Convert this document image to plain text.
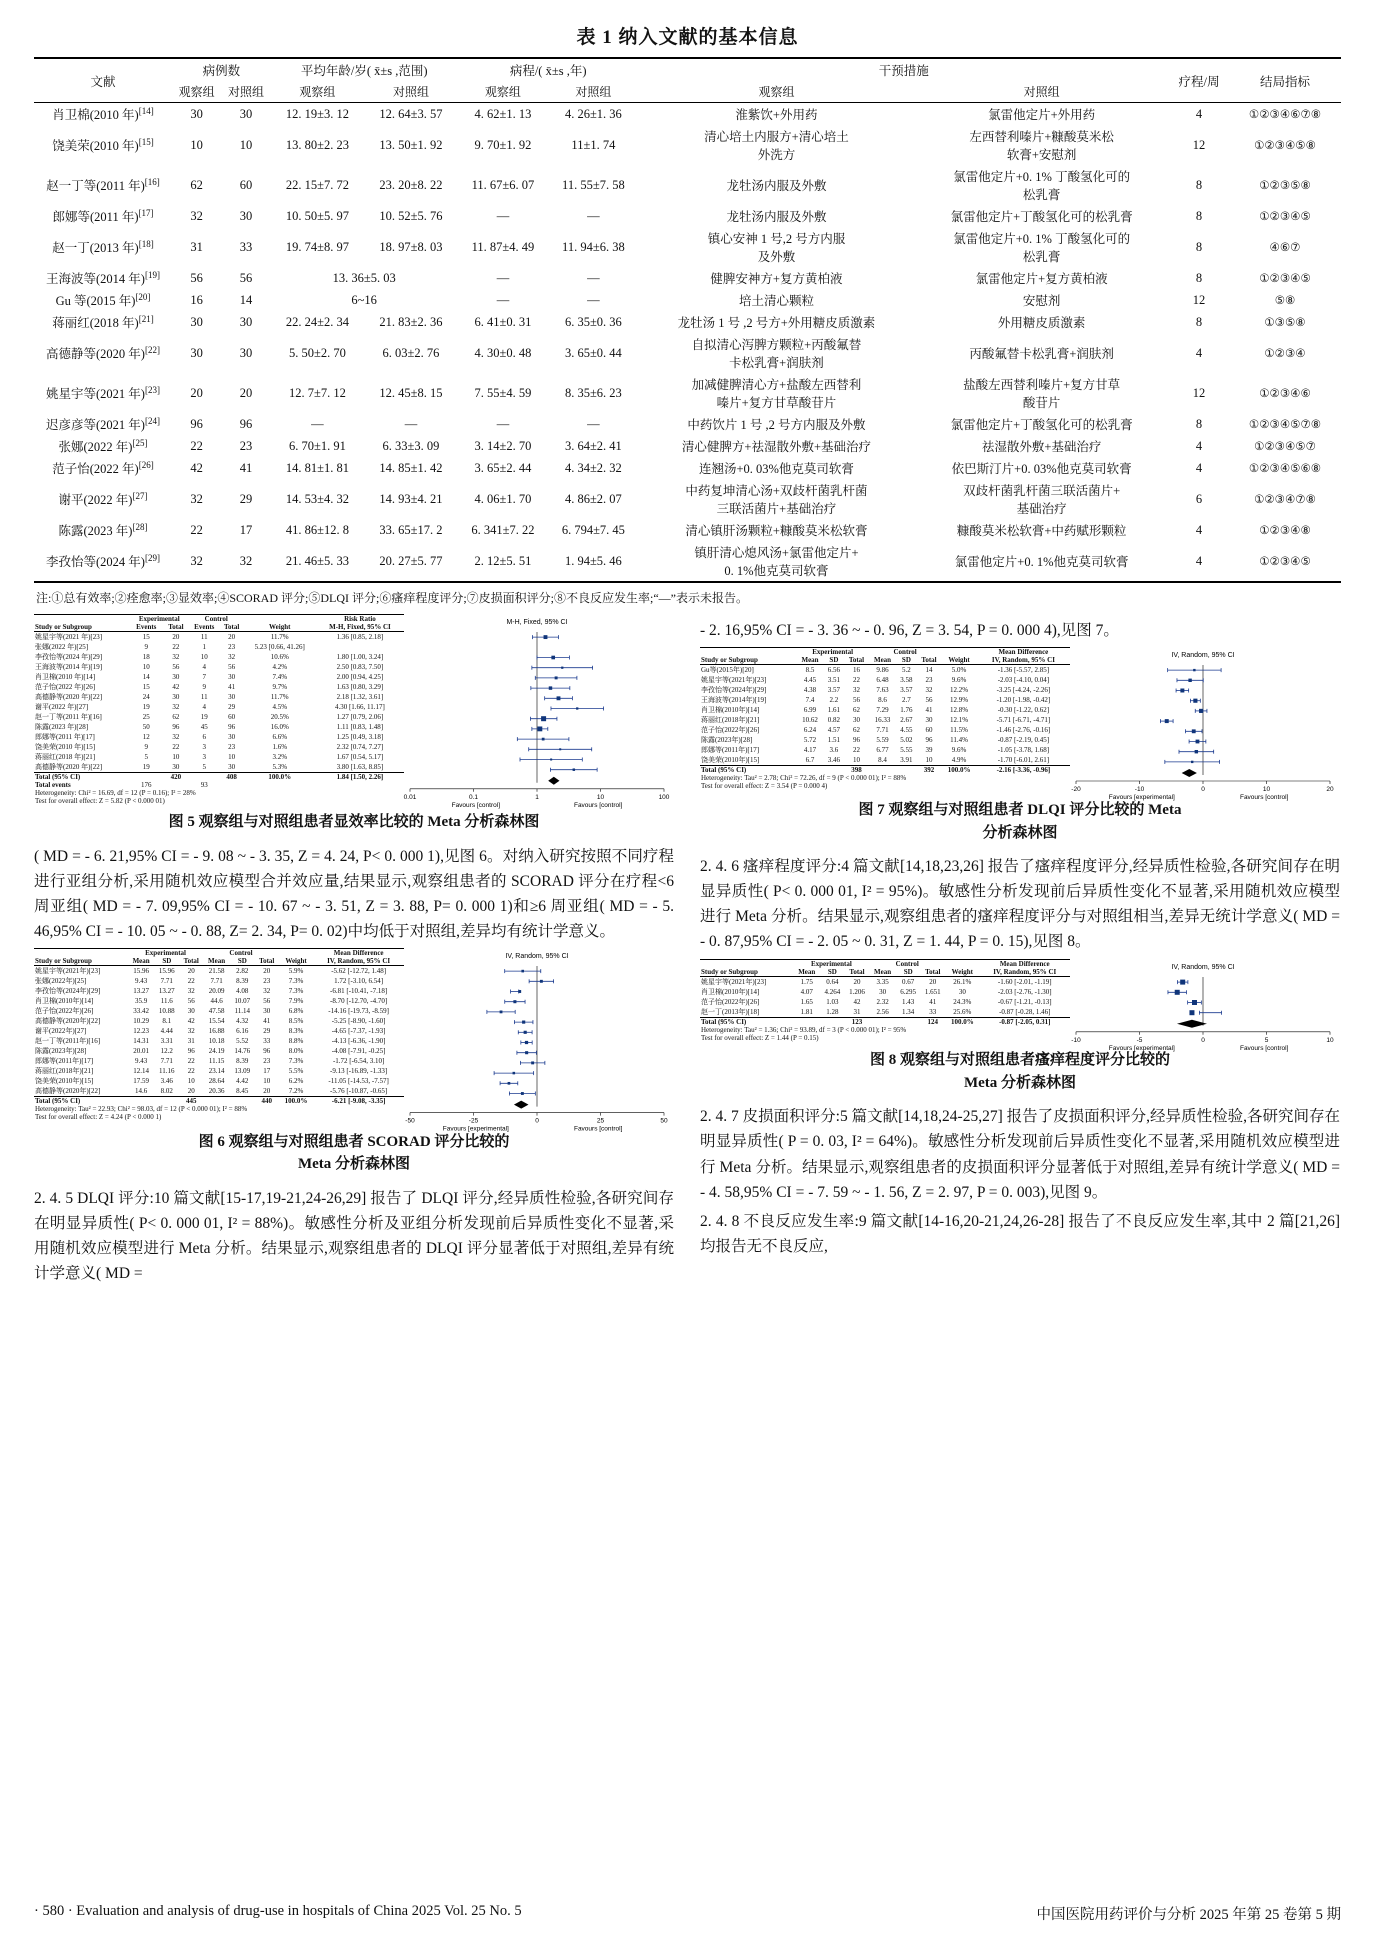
表 1 纳入文献的基本信息
文献	病例数		平均年龄/岁( x̄±s ,范围)		病程/( x̄±s ,年)		干预措施		疗程/周	结局指标
	观察组	对照组	观察组	对照组	观察组	对照组	观察组	对照组		
肖卫棉(2010 年)[14]	30	30	12. 19±3. 12	12. 64±3. 57	4. 62±1. 13	4. 26±1. 36	淮紫饮+外用药	氯雷他定片+外用药	4	①②③④⑥⑦⑧
饶美荣(2010 年)[15]	10	10	13. 80±2. 23	13. 50±1. 92	9. 70±1. 92	11±1. 74	清心培土内服方+清心培土
外洗方	左西替利嗪片+糠酸莫米松
软膏+安慰剂	12	①②③④⑤⑧
赵一丁等(2011 年)[16]	62	60	22. 15±7. 72	23. 20±8. 22	11. 67±6. 07	11. 55±7. 58	龙牡汤内服及外敷	氯雷他定片+0. 1% 丁酸氢化可的
松乳膏	8	①②③⑤⑧
郎娜等(2011 年)[17]	32	30	10. 50±5. 97	10. 52±5. 76	—	—	龙牡汤内服及外敷	氯雷他定片+丁酸氢化可的松乳膏	8	①②③④⑤
赵一丁(2013 年)[18]	31	33	19. 74±8. 97	18. 97±8. 03	11. 87±4. 49	11. 94±6. 38	镇心安神 1 号,2 号方内服
及外敷	氯雷他定片+0. 1% 丁酸氢化可的
松乳膏	8	④⑥⑦
王海波等(2014 年)[19]	56	56	13. 36±5. 03		—	—	健脾安神方+复方黄柏液	氯雷他定片+复方黄柏液	8	①②③④⑤
Gu 等(2015 年)[20]	16	14	6~16		—	—	培土清心颗粒	安慰剂	12	⑤⑧
蒋丽红(2018 年)[21]	30	30	22. 24±2. 34	21. 83±2. 36	6. 41±0. 31	6. 35±0. 36	龙牡汤 1 号 ,2 号方+外用糖皮质激素	外用糖皮质激素	8	①③⑤⑧
高德静等(2020 年)[22]	30	30	5. 50±2. 70	6. 03±2. 76	4. 30±0. 48	3. 65±0. 44	自拟清心泻脾方颗粒+丙酸氟替
卡松乳膏+润肤剂	丙酸氟替卡松乳膏+润肤剂	4	①②③④
姚星宇等(2021 年)[23]	20	20	12. 7±7. 12	12. 45±8. 15	7. 55±4. 59	8. 35±6. 23	加减健脾清心方+盐酸左西替利
嗪片+复方甘草酸苷片	盐酸左西替利嗪片+复方甘草
酸苷片	12	①②③④⑥
迟彦彦等(2021 年)[24]	96	96	—	—	—	—	中药饮片 1 号 ,2 号方内服及外敷	氯雷他定片+丁酸氢化可的松乳膏	8	①②③④⑤⑦⑧
张娜(2022 年)[25]	22	23	6. 70±1. 91	6. 33±3. 09	3. 14±2. 70	3. 64±2. 41	清心健脾方+祛湿散外敷+基础治疗	祛湿散外敷+基础治疗	4	①②③④⑤⑦
范子怡(2022 年)[26]	42	41	14. 81±1. 81	14. 85±1. 42	3. 65±2. 44	4. 34±2. 32	连翘汤+0. 03%他克莫司软膏	依巴斯汀片+0. 03%他克莫司软膏	4	①②③④⑤⑥⑧
谢平(2022 年)[27]	32	29	14. 53±4. 32	14. 93±4. 21	4. 06±1. 70	4. 86±2. 07	中药复坤清心汤+双歧杆菌乳杆菌
三联活菌片+基础治疗	双歧杆菌乳杆菌三联活菌片+
基础治疗	6	①②③④⑦⑧
陈露(2023 年)[28]	22	17	41. 86±12. 8	33. 65±17. 2	6. 341±7. 22	6. 794±7. 45	清心镇肝汤颗粒+糠酸莫米松软膏	糠酸莫米松软膏+中药赋形颗粒	4	①②③④⑧
李孜怡等(2024 年)[29]	32	32	21. 46±5. 33	20. 27±5. 77	2. 12±5. 51	1. 94±5. 46	镇肝清心熄风汤+氯雷他定片+
0. 1%他克莫司软膏	氯雷他定片+0. 1%他克莫司软膏	4	①②③④⑤
注:①总有效率;②痊愈率;③显效率;④SCORAD 评分;⑤DLQI 评分;⑥瘙痒程度评分;⑦皮损面积评分;⑧不良反应发生率;“—”表示未报告。
	Experimental		Control			Risk Ratio
Study or Subgroup	Events	Total	Events	Total	Weight	M-H, Fixed, 95% CI
姚星宇等(2021 年)[23]	15	20	11	20	11.7%	1.36 [0.85, 2.18]
张娜(2022 年)[25]	9	22	1	23	5.23 [0.66, 41.26]	
李孜怡等(2024 年)[29]	18	32	10	32	10.6%	1.80 [1.00, 3.24]
王海波等(2014 年)[19]	10	56	4	56	4.2%	2.50 [0.83, 7.50]
肖卫棉(2010 年)[14]	14	30	7	30	7.4%	2.00 [0.94, 4.25]
范子怡(2022 年)[26]	15	42	9	41	9.7%	1.63 [0.80, 3.29]
高德静等(2020 年)[22]	24	30	11	30	11.7%	2.18 [1.32, 3.61]
谢平(2022 年)[27]	19	32	4	29	4.5%	4.30 [1.66, 11.17]
赵一丁等(2011 年)[16]	25	62	19	60	20.5%	1.27 [0.79, 2.06]
陈露(2023 年)[28]	50	96	45	96	16.0%	1.11 [0.83, 1.48]
郎娜等(2011 年)[17]	12	32	6	30	6.6%	1.25 [0.49, 3.18]
饶美荣(2010 年)[15]	9	22	3	23	1.6%	2.32 [0.74, 7.27]
蒋丽红(2018 年)[21]	5	10	3	10	3.2%	1.67 [0.54, 5.17]
高德静等(2020 年)[22]	19	30	5	30	5.3%	3.80 [1.63, 8.85]
Total (95% CI)		420		408	100.0%	1.84 [1.50, 2.26]
Total events	176		93			
Heterogeneity: Chi² = 16.69, df = 12 (P = 0.16); I² = 28%						
Test for overall effect: Z = 5.82 (P < 0.000 01)						
M-H, Fixed, 95% CI
0.01	0.1	1	10	100
Favours [control]	Favours [control]
图 5 观察组与对照组患者显效率比较的 Meta 分析森林图

( MD = - 6. 21,95% CI = - 9. 08 ~ - 3. 35, Z = 4. 24, P< 0. 000 1),见图 6。对纳入研究按照不同疗程进行亚组分析,采用随机效应模型合并效应量,结果显示,观察组患者的 SCORAD 评分在疗程<6 周亚组( MD = - 7. 09,95% CI = - 10. 67 ~ - 3. 51, Z = 3. 88, P= 0. 000 1)和≥6 周亚组( MD = - 5. 46,95% CI = - 10. 05 ~ - 0. 88, Z= 2. 34, P= 0. 02)中均低于对照组,差异均有统计学意义。

	Experimental			Control				Mean Difference
Study or Subgroup	Mean	SD	Total	Mean	SD	Total	Weight	IV, Random, 95% CI
姚星宇等(2021年)[23]	15.96	15.96	20	21.58	2.82	20	5.9%	-5.62 [-12.72, 1.48]
张娜(2022年)[25]	9.43	7.71	22	7.71	8.39	23	7.3%	1.72 [-3.10, 6.54]
李孜怡等(2024年)[29]	13.27	13.27	32	20.09	4.08	32	7.3%	-6.81 [-10.41, -7.18]
肖卫棉(2010年)[14]	35.9	11.6	56	44.6	10.07	56	7.9%	-8.70 [-12.70, -4.70]
范子怡(2022年)[26]	33.42	10.88	30	47.58	11.14	30	6.8%	-14.16 [-19.73, -8.59]
高德静等(2020年)[22]	10.29	8.1	42	15.54	4.32	41	8.5%	-5.25 [-8.90, -1.60]
谢平(2022年)[27]	12.23	4.44	32	16.88	6.16	29	8.3%	-4.65 [-7.37, -1.93]
赵一丁等(2011年)[16]	14.31	3.31	31	10.18	5.52	33	8.8%	-4.13 [-6.36, -1.90]
陈露(2023年)[28]	20.01	12.2	96	24.19	14.76	96	8.0%	-4.08 [-7.91, -0.25]
郎娜等(2011年)[17]	9.43	7.71	22	11.15	8.39	23	7.3%	-1.72 [-6.54, 3.10]
蒋丽红(2018年)[21]	12.14	11.16	22	23.14	13.09	17	5.5%	-9.13 [-16.89, -1.33]
饶美荣(2010年)[15]	17.59	3.46	10	28.64	4.42	10	6.2%	-11.05 [-14.53, -7.57]
高德静等(2020年)[22]	14.6	8.02	20	20.36	8.45	20	7.2%	-5.76 [-10.87, -0.65]
Total (95% CI)			445			440	100.0%	-6.21 [-9.08, -3.35]
Heterogeneity: Tau² = 22.93; Chi² = 98.03, df = 12 (P < 0.000 01); I² = 88%								
Test for overall effect: Z = 4.24 (P < 0.000 1)								
IV, Random, 95% CI
-50	-25	0	25	50
Favours [experimental]	Favours [control]
图 6 观察组与对照组患者 SCORAD 评分比较的
Meta 分析森林图

2. 4. 5 DLQI 评分:10 篇文献[15-17,19-21,24-26,29] 报告了 DLQI 评分,经异质性检验,各研究间存在明显异质性( P< 0. 000 01, I² = 88%)。敏感性分析及亚组分析发现前后异质性变化不显著,采用随机效应模型进行 Meta 分析。结果显示,观察组患者的 DLQI 评分显著低于对照组,差异有统计学意义( MD =

- 2. 16,95% CI = - 3. 36 ~ - 0. 96, Z = 3. 54, P = 0. 000 4),见图 7。

	Experimental			Control				Mean Difference
Study or Subgroup	Mean	SD	Total	Mean	SD	Total	Weight	IV, Random, 95% CI
Gu等(2015年)[20]	8.5	6.56	16	9.86	5.2	14	5.0%	-1.36 [-5.57, 2.85]
姚星宇等(2021年)[23]	4.45	3.51	22	6.48	3.58	23	9.6%	-2.03 [-4.10, 0.04]
李孜怡等(2024年)[29]	4.38	3.57	32	7.63	3.57	32	12.2%	-3.25 [-4.24, -2.26]
王海波等(2014年)[19]	7.4	2.2	56	8.6	2.7	56	12.9%	-1.20 [-1.98, -0.42]
肖卫棉(2010年)[14]	6.99	1.61	62	7.29	1.76	41	12.8%	-0.30 [-1.22, 0.62]
蒋丽红(2018年)[21]	10.62	0.82	30	16.33	2.67	30	12.1%	-5.71 [-6.71, -4.71]
范子怡(2022年)[26]	6.24	4.57	62	7.71	4.55	60	11.5%	-1.46 [-2.76, -0.16]
陈露(2023年)[28]	5.72	1.51	96	5.59	5.02	96	11.4%	-0.87 [-2.19, 0.45]
郎娜等(2011年)[17]	4.17	3.6	22	6.77	5.55	39	9.6%	-1.05 [-3.78, 1.68]
饶美荣(2010年)[15]	6.7	3.46	10	8.4	3.91	10	4.9%	-1.70 [-6.01, 2.61]
Total (95% CI)			398			392	100.0%	-2.16 [-3.36, -0.96]
Heterogeneity: Tau² = 2.78; Chi² = 72.26, df = 9 (P < 0.000 01); I² = 88%								
Test for overall effect: Z = 3.54 (P = 0.000 4)								
IV, Random, 95% CI
-20	-10	0	10	20
Favours [experimental]	Favours [control]
图 7 观察组与对照组患者 DLQI 评分比较的 Meta
分析森林图

2. 4. 6 瘙痒程度评分:4 篇文献[14,18,23,26] 报告了瘙痒程度评分,经异质性检验,各研究间存在明显异质性( P< 0. 000 01, I² = 95%)。敏感性分析发现前后异质性变化不显著,采用随机效应模型进行 Meta 分析。结果显示,观察组患者的瘙痒程度评分与对照组相当,差异无统计学意义( MD = - 0. 87,95% CI = - 2. 05 ~ 0. 31, Z = 1. 44, P = 0. 15),见图 8。

	Experimental			Control				Mean Difference
Study or Subgroup	Mean	SD	Total	Mean	SD	Total	Weight	IV, Random, 95% CI
姚星宇等(2021年)[23]	1.75	0.64	20	3.35	0.67	20	26.1%	-1.60 [-2.01, -1.19]
肖卫棉(2010年)[14]	4.07	4.264	1.206	30	6.295	1.651	30	-2.03 [-2.76, -1.30]
范子怡(2022年)[26]	1.65	1.03	42	2.32	1.43	41	24.3%	-0.67 [-1.21, -0.13]
赵一丁(2013年)[18]	1.81	1.28	31	2.56	1.34	33	25.6%	-0.87 [-0.28, 1.46]
Total (95% CI)			123			124	100.0%	-0.87 [-2.05, 0.31]
Heterogeneity: Tau² = 1.36; Chi² = 93.89, df = 3 (P < 0.000 01); I² = 95%								
Test for overall effect: Z = 1.44 (P = 0.15)								
IV, Random, 95% CI
-10	-5	0	5	10
Favours [experimental]	Favours [control]
图 8 观察组与对照组患者瘙痒程度评分比较的
Meta 分析森林图

2. 4. 7 皮损面积评分:5 篇文献[14,18,24-25,27] 报告了皮损面积评分,经异质性检验,各研究间存在明显异质性( P = 0. 03, I² = 64%)。敏感性分析发现前后异质性变化不显著,采用随机效应模型进行 Meta 分析。结果显示,观察组患者的皮损面积评分显著低于对照组,差异有统计学意义( MD = - 4. 58,95% CI = - 7. 59 ~ - 1. 56, Z = 2. 97, P = 0. 003),见图 9。

2. 4. 8 不良反应发生率:9 篇文献[14-16,20-21,24,26-28] 报告了不良反应发生率,其中 2 篇[21,26] 均报告无不良反应,

· 580 · Evaluation and analysis of drug-use in hospitals of China 2025 Vol. 25 No. 5	中国医院用药评价与分析 2025 年第 25 卷第 5 期
